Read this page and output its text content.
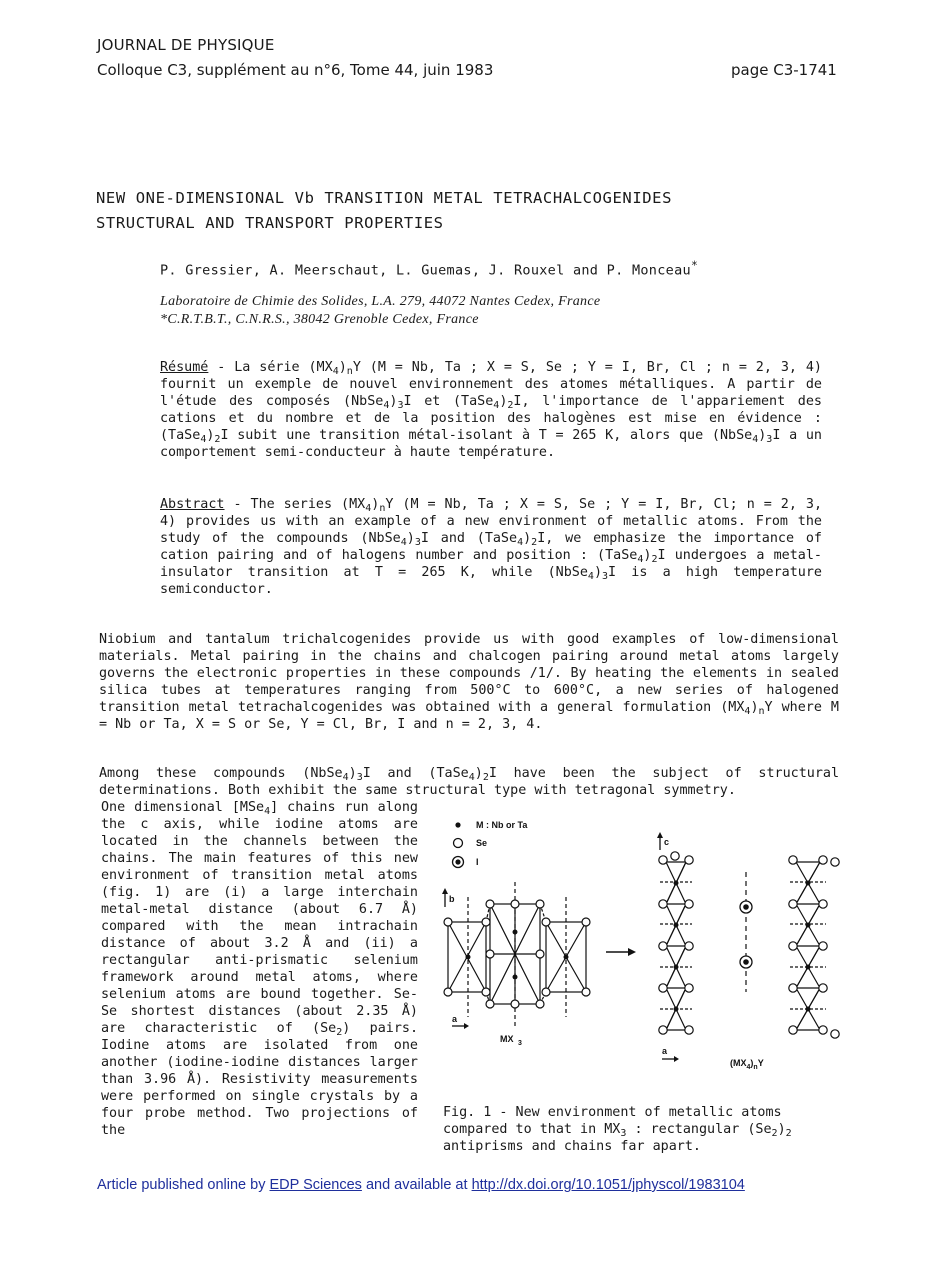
JOURNAL DE PHYSIQUE
Colloque C3, supplément au n°6, Tome 44, juin 1983	page C3-1741
NEW ONE-DIMENSIONAL Vb TRANSITION METAL TETRACHALCOGENIDES
STRUCTURAL AND TRANSPORT PROPERTIES
P. Gressier, A. Meerschaut, L. Guemas, J. Rouxel and P. Monceau*
Laboratoire de Chimie des Solides, L.A. 279, 44072 Nantes Cedex, France
*C.R.T.B.T., C.N.R.S., 38042 Grenoble Cedex, France
Résumé - La série $(MX_4)_nY$ (M = Nb, Ta ; X = S, Se ; Y = I, Br, Cl ; n = 2, 3, 4) fournit un exemple de nouvel environnement des atomes métalliques. A partir de l'étude des composés $(NbSe_4)_3I$ et $(TaSe_4)_2I$, l'importance de l'appariement des cations et du nombre et de la position des halogènes est mise en évidence : $(TaSe_4)_2I$ subit une transition métal-isolant à T = 265 K, alors que $(NbSe_4)_3I$ a un comportement semi-conducteur à haute température.
Abstract - The series $(MX_4)_nY$ (M = Nb, Ta ; X = S, Se ; Y = I, Br, Cl; n = 2, 3, 4) provides us with an example of a new environment of metallic atoms. From the study of the compounds $(NbSe_4)_3I$ and $(TaSe_4)_2I$, we emphasize the importance of cation pairing and of halogens number and position : $(TaSe_4)_2I$ undergoes a metal-insulator transition at T = 265 K, while $(NbSe_4)_3I$ is a high temperature semiconductor.
Niobium and tantalum trichalcogenides provide us with good examples of low-dimensional materials. Metal pairing in the chains and chalcogen pairing around metal atoms largely governs the electronic properties in these compounds /1/. By heating the elements in sealed silica tubes at temperatures ranging from 500°C to 600°C, a new series of halogened transition metal tetrachalcogenides was obtained with a general formulation $(MX_4)_nY$ where M = Nb or Ta, X = S or Se, Y = Cl, Br, I and n = 2, 3, 4.
Among these compounds $(NbSe_4)_3I$ and $(TaSe_4)_2I$ have been the subject of structural determinations. Both exhibit the same structural type with tetragonal symmetry.
One dimensional [MSe$_4$] chains run along the c axis, while iodine atoms are located in the channels between the chains. The main features of this new environment of transition metal atoms (fig. 1) are (i) a large interchain metal-metal distance (about 6.7 Å) compared with the mean intrachain distance of about 3.2 Å and (ii) a rectangular anti-prismatic selenium framework around metal atoms, where selenium atoms are bound together. Se-Se shortest distances (about 2.35 Å) are characteristic of $(Se_2)$ pairs. Iodine atoms are isolated from one another (iodine-iodine distances larger than 3.96 Å). Resistivity measurements were performed on single crystals by a four probe method. Two projections of the
M : Nb or Ta
Se
I
b
a
MX 3
c
a
$(MX_4)_nY$
Fig. 1 - New environment of metallic atoms compared to that in $MX_3$ : rectangular $(Se_2)_2$ antiprisms and chains far apart.
Article published online by EDP Sciences and available at http://dx.doi.org/10.1051/jphyscol/1983104
